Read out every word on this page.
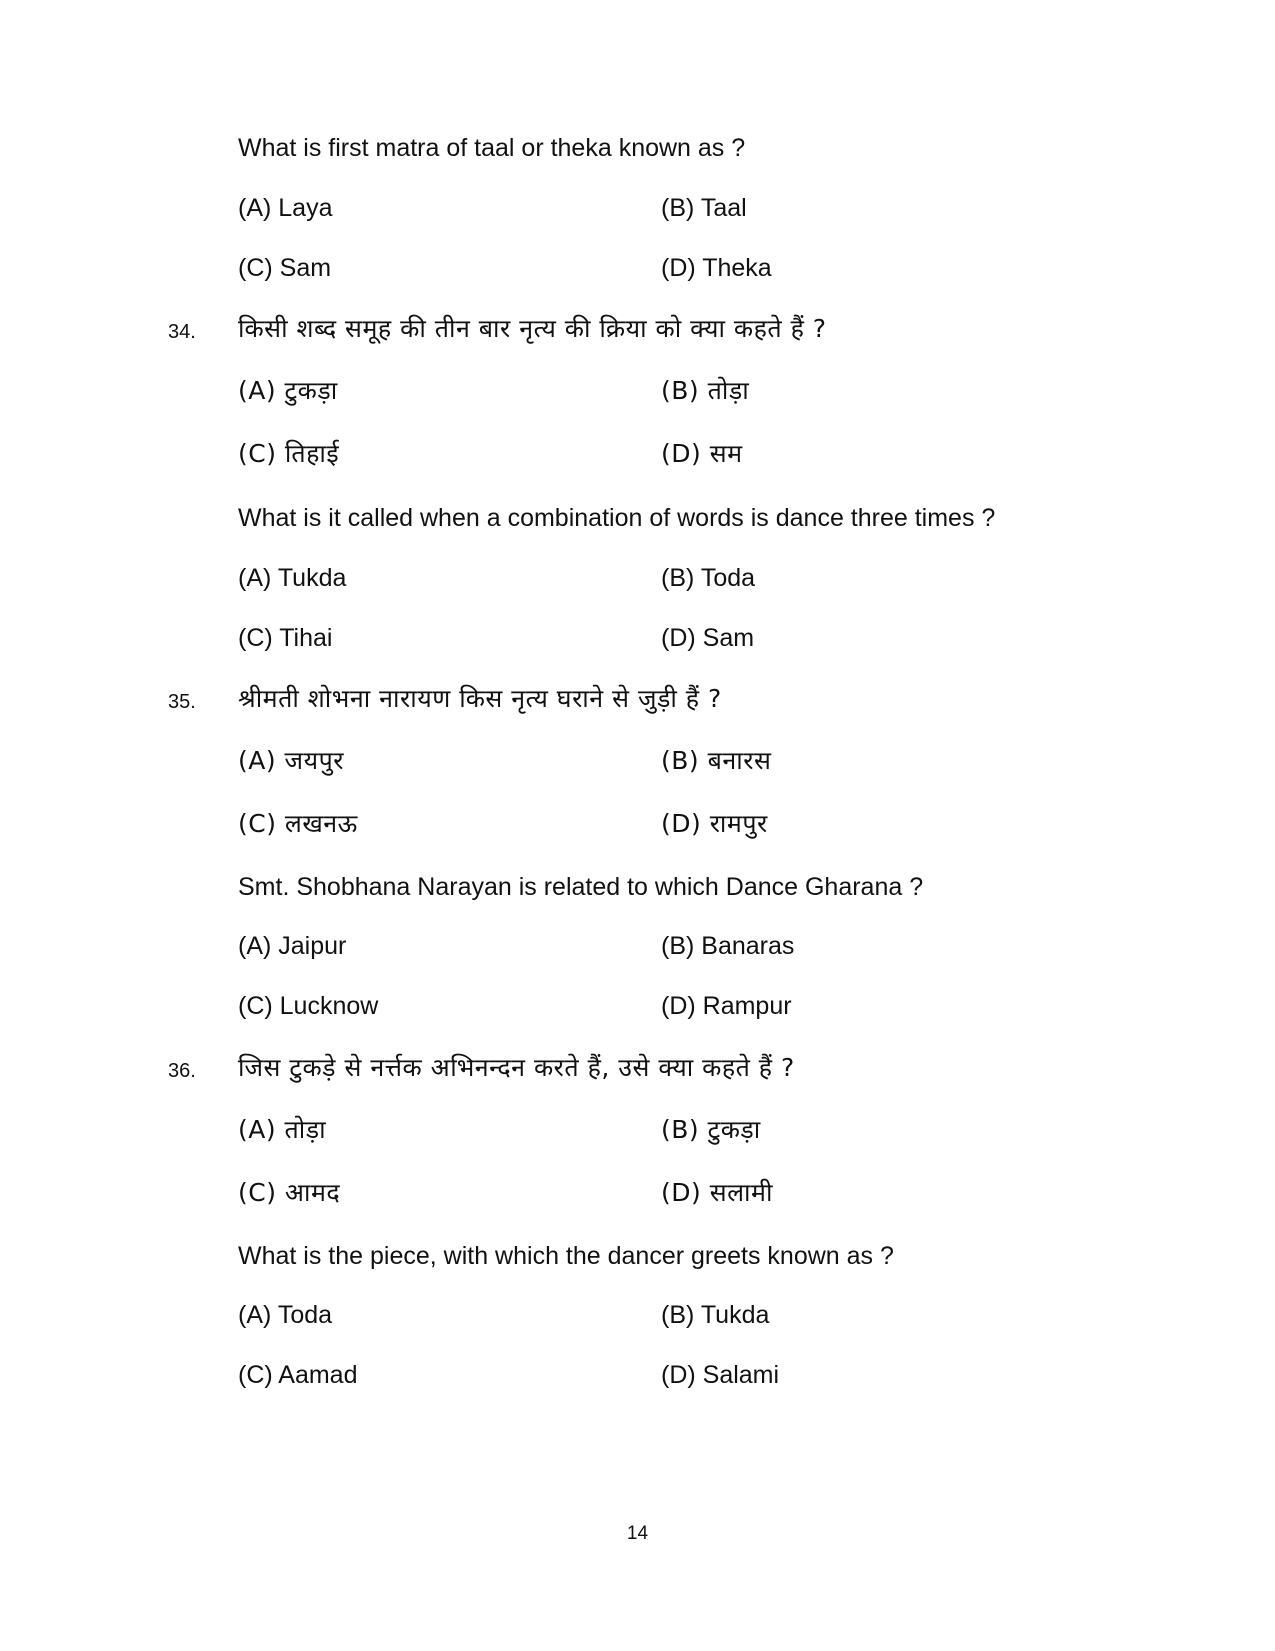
What is first matra of taal or theka known as ?
(A) Laya	(B) Taal
(C) Sam	(D) Theka
34. किसी शब्द समूह की तीन बार नृत्य की क्रिया को क्या कहते हैं ?
(A) टुकड़ा	(B) तोड़ा
(C) तिहाई	(D) सम
What is it called when a combination of words is dance three times ?
(A) Tukda	(B) Toda
(C) Tihai	(D) Sam
35. श्रीमती शोभना नारायण किस नृत्य घराने से जुड़ी हैं ?
(A) जयपुर	(B) बनारस
(C) लखनऊ	(D) रामपुर
Smt. Shobhana Narayan is related to which Dance Gharana ?
(A) Jaipur	(B) Banaras
(C) Lucknow	(D) Rampur
36. जिस टुकड़े से नर्त्तक अभिनन्दन करते हैं, उसे क्या कहते हैं ?
(A) तोड़ा	(B) टुकड़ा
(C) आमद	(D) सलामी
What is the piece, with which the dancer greets known as ?
(A) Toda	(B) Tukda
(C) Aamad	(D) Salami
14
